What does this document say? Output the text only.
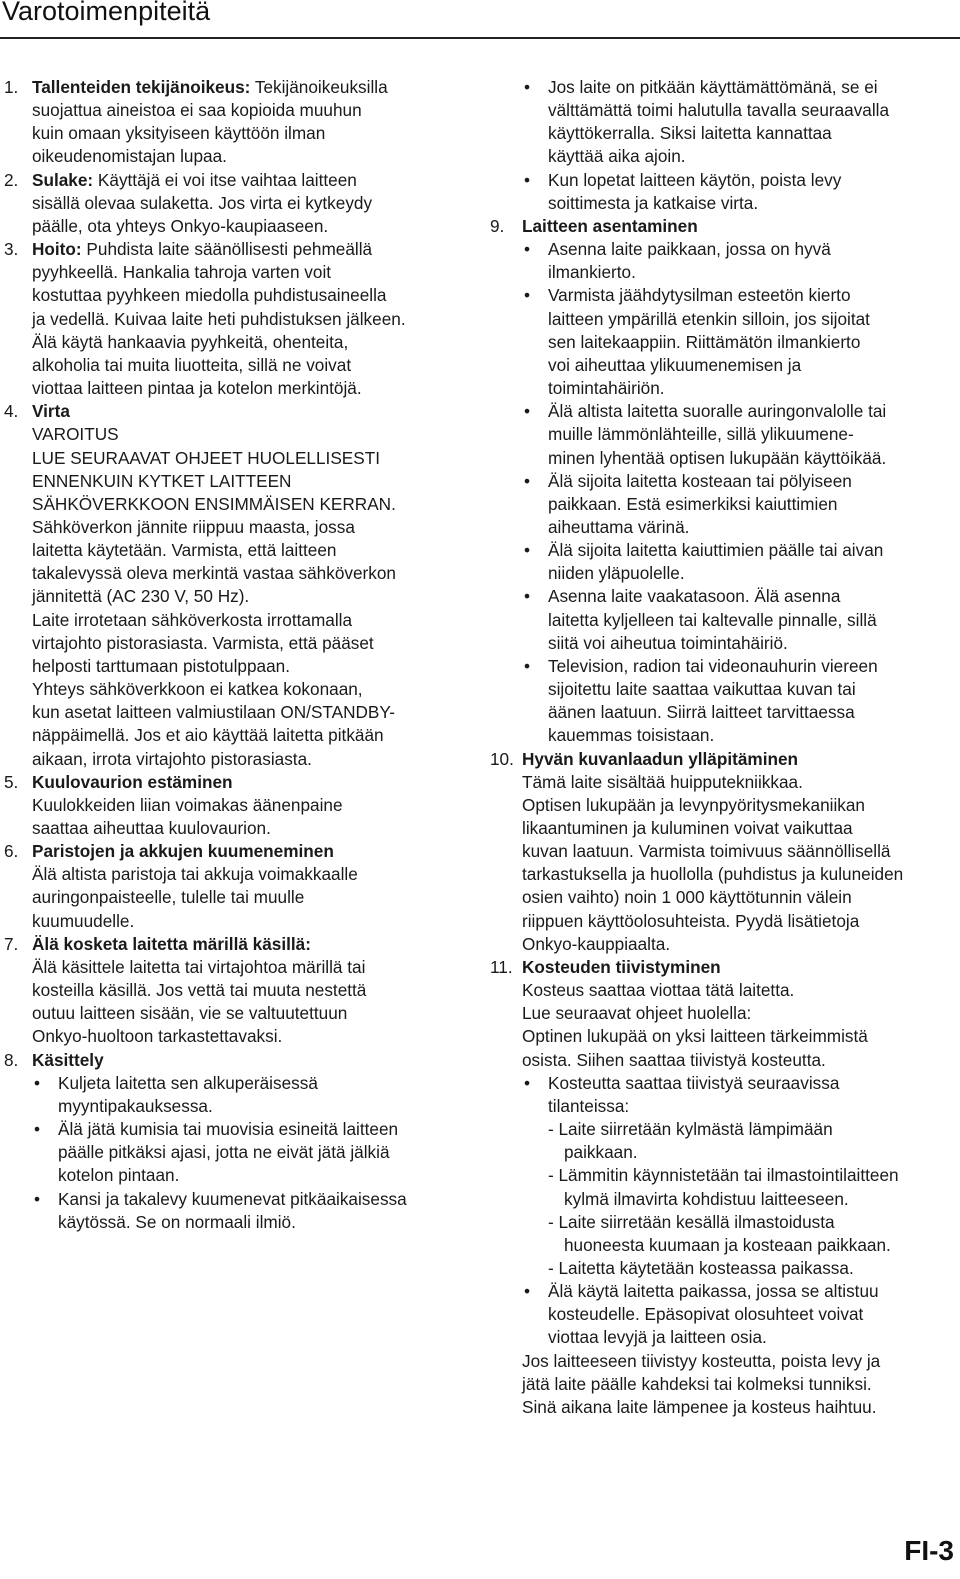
Varotoimenpiteitä
1. Tallenteiden tekijänoikeus: Tekijänoikeuksilla
suojattua aineistoa ei saa kopioida muuhun
kuin omaan yksityiseen käyttöön ilman
oikeudenomistajan lupaa.
2. Sulake: Käyttäjä ei voi itse vaihtaa laitteen
sisällä olevaa sulaketta. Jos virta ei kytkeydy
päälle, ota yhteys Onkyo-kaupiaaseen.
3. Hoito: Puhdista laite säänöllisesti pehmeällä
pyyhkeellä. Hankalia tahroja varten voit
kostuttaa pyyhkeen miedolla puhdistusaineella
ja vedellä. Kuivaa laite heti puhdistuksen jälkeen.
Älä käytä hankaavia pyyhkeitä, ohenteita,
alkoholia tai muita liuotteita, sillä ne voivat
viottaa laitteen pintaa ja kotelon merkintöjä.
4. Virta
VAROITUS
LUE SEURAAVAT OHJEET HUOLELLISESTI
ENNENKUIN KYTKET LAITTEEN
SÄHKÖVERKKOON ENSIMMÄISEN KERRAN.
Sähköverkon jännite riippuu maasta, jossa
laitetta käytetään. Varmista, että laitteen
takalevyssä oleva merkintä vastaa sähköverkon
jännitettä (AC 230 V, 50 Hz).
Laite irrotetaan sähköverkosta irrottamalla
virtajohto pistorasiasta. Varmista, että pääset
helposti tarttumaan pistotulppaan.
Yhteys sähköverkkoon ei katkea kokonaan,
kun asetat laitteen valmiustilaan ON/STANDBY-
näppäimellä. Jos et aio käyttää laitetta pitkään
aikaan, irrota virtajohto pistorasiasta.
5. Kuulovaurion estäminen
Kuulokkeiden liian voimakas äänenpaine
saattaa aiheuttaa kuulovaurion.
6. Paristojen ja akkujen kuumeneminen
Älä altista paristoja tai akkuja voimakkaalle
auringonpaisteelle, tulelle tai muulle
kuumuudelle.
7. Älä kosketa laitetta märillä käsillä:
Älä käsittele laitetta tai virtajohtoa märillä tai
kosteilla käsillä. Jos vettä tai muuta nestettä
outuu laitteen sisään, vie se valtuutettuun
Onkyo-huoltoon tarkastettavaksi.
8. Käsittely
• Kuljeta laitetta sen alkuperäisessä
myyntipakauksessa.
• Älä jätä kumisia tai muovisia esineitä laitteen
päälle pitkäksi ajasi, jotta ne eivät jätä jälkiä
kotelon pintaan.
• Kansi ja takalevy kuumenevat pitkäaikaisessa
käytössä. Se on normaali ilmiö.
• Jos laite on pitkään käyttämättömänä, se ei
välttämättä toimi halutulla tavalla seuraavalla
käyttökerralla. Siksi laitetta kannattaa
käyttää aika ajoin.
• Kun lopetat laitteen käytön, poista levy
soittimesta ja katkaise virta.
9. Laitteen asentaminen
• Asenna laite paikkaan, jossa on hyvä
ilmankierto.
• Varmista jäähdytysilman esteetön kierto
laitteen ympärillä etenkin silloin, jos sijoitat
sen laitekaappiin. Riittämätön ilmankierto
voi aiheuttaa ylikuumenemisen ja
toimintahäiriön.
• Älä altista laitetta suoralle auringonvalolle tai
muille lämmönlähteille, sillä ylikuumene-
minen lyhentää optisen lukupään käyttöikää.
• Älä sijoita laitetta kosteaan tai pölyiseen
paikkaan. Estä esimerkiksi kaiuttimien
aiheuttama värinä.
• Älä sijoita laitetta kaiuttimien päälle tai aivan
niiden yläpuolelle.
• Asenna laite vaakatasoon. Älä asenna
laitetta kyljelleen tai kaltevalle pinnalle, sillä
siitä voi aiheutua toimintahäiriö.
• Television, radion tai videonauhurin viereen
sijoitettu laite saattaa vaikuttaa kuvan tai
äänen laatuun. Siirrä laitteet tarvittaessa
kauemmas toisistaan.
10. Hyvän kuvanlaadun ylläpitäminen
Tämä laite sisältää huipputekniikkaa.
Optisen lukupään ja levynpyöritysmekaniikan
likaantuminen ja kuluminen voivat vaikuttaa
kuvan laatuun. Varmista toimivuus säännöllisellä
tarkastuksella ja huollolla (puhdistus ja kuluneiden
osien vaihto) noin 1 000 käyttötunnin välein
riippuen käyttöolosuhteista. Pyydä lisätietoja
Onkyo-kauppiaalta.
11. Kosteuden tiivistyminen
Kosteus saattaa viottaa tätä laitetta.
Lue seuraavat ohjeet huolella:
Optinen lukupää on yksi laitteen tärkeimmistä
osista. Siihen saattaa tiivistyä kosteutta.
• Kosteutta saattaa tiivistyä seuraavissa
tilanteissa:
- Laite siirretään kylmästä lämpimään
paikkaan.
- Lämmitin käynnistetään tai ilmastointilaitteen
kylmä ilmavirta kohdistuu laitteeseen.
- Laite siirretään kesällä ilmastoidusta
huoneesta kuumaan ja kosteaan paikkaan.
- Laitetta käytetään kosteassa paikassa.
• Älä käytä laitetta paikassa, jossa se altistuu
kosteudelle. Epäsopivat olosuhteet voivat
viottaa levyjä ja laitteen osia.
Jos laitteeseen tiivistyy kosteutta, poista levy ja
jätä laite päälle kahdeksi tai kolmeksi tunniksi.
Sinä aikana laite lämpenee ja kosteus haihtuu.
FI-3
